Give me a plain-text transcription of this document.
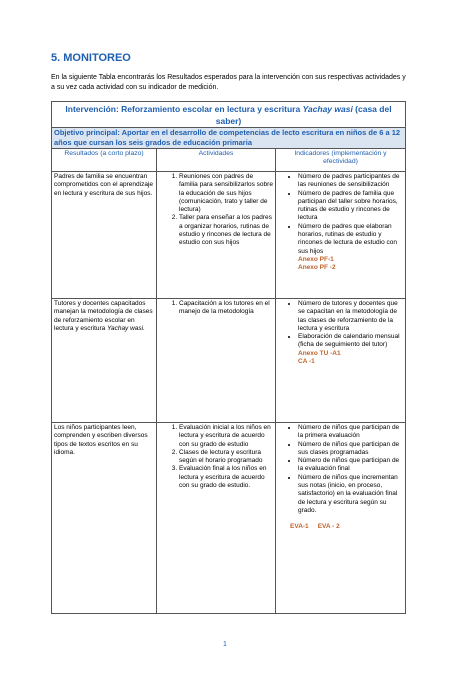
5. MONITOREO

En la siguiente Tabla encontrarás los Resultados esperados para la intervención con sus respectivas actividades y a su vez cada actividad con su indicador de medición.

Intervención: Reforzamiento escolar en lectura y escritura Yachay wasi (casa del saber)
Objetivo principal: Aportar en el desarrollo de competencias de lecto escritura en niños de 6 a 12 años que cursan los seis grados de educación primaria
Resultados (a corto plazo)	Actividades	Indicadores (implementación y efectividad)
Padres de familia se encuentran comprometidos con el aprendizaje en lectura y escritura de sus hijos.
1. Reuniones con padres de familia para sensibilizarlos sobre la educación de sus hijos (comunicación, trato y taller de lectura)
2. Taller para enseñar a los padres a organizar horarios, rutinas de estudio y rincones de lectura de estudio con sus hijos
• Número de padres participantes de las reuniones de sensibilización
• Número de padres de familia que participan del taller sobre horarios, rutinas de estudio y rincones de lectura
• Número de padres que elaboran horarios, rutinas de estudio y rincones de lectura de estudio con sus hijos
Anexo PF-1
Anexo PF -2
Tutores y docentes capacitados manejan la metodología de clases de reforzamiento escolar en lectura y escritura Yachay wasi.
1. Capacitación a los tutores en el manejo de la metodología
• Número de tutores y docentes que se capacitan en la metodología de las clases de reforzamiento de la lectura y escritura
• Elaboración de calendario mensual (ficha de seguimiento del tutor)
Anexo TU -A1
CA -1
Los niños participantes leen, comprenden y escriben diversos tipos de textos escritos en su idioma.
1. Evaluación inicial a los niños en lectura y escritura de acuerdo con su grado de estudio
2. Clases de lectura y escritura según el horario programado
3. Evaluación final a los niños en lectura y escritura de acuerdo con su grado de estudio.
• Número de niños que participan de la primera evaluación
• Número de niños que participan de sus clases programadas
• Número de niños que participan de la evaluación final
• Número de niños que incrementan sus notas (inicio, en proceso, satisfactorio) en la evaluación final de lectura y escritura según su grado.
EVA-1     EVA - 2
1
